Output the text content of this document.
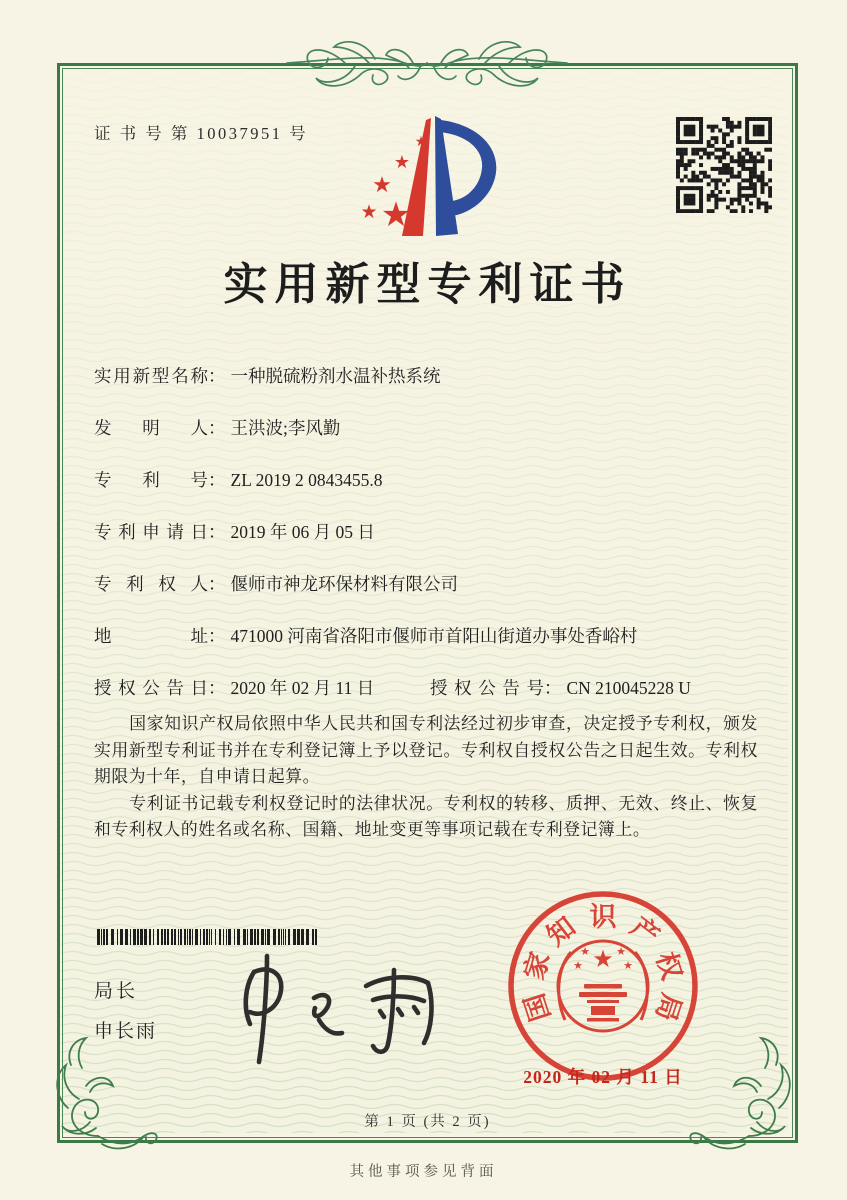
证 书 号 第 10037951 号
★
★
★
★
★
实用新型专利证书
实用新型名称： 一种脱硫粉剂水温补热系统
发明人： 王洪波;李风勤
专利号： ZL 2019 2 0843455.8
专利申请日： 2019 年 06 月 05 日
专利权人： 偃师市神龙环保材料有限公司
地址： 471000 河南省洛阳市偃师市首阳山街道办事处香峪村
授权公告日： 2020 年 02 月 11 日	授权公告号： CN 210045228 U

国家知识产权局依照中华人民共和国专利法经过初步审查，决定授予专利权，颁发实用新型专利证书并在专利登记簿上予以登记。专利权自授权公告之日起生效。专利权期限为十年，自申请日起算。

专利证书记载专利权登记时的法律状况。专利权的转移、质押、无效、终止、恢复和专利权人的姓名或名称、国籍、地址变更等事项记载在专利登记簿上。

局长
申长雨
★
★ ★
★	★
国
家
知 识 产
权
局
2020 年 02 月 11 日
第 1 页 (共 2 页)
其他事项参见背面
